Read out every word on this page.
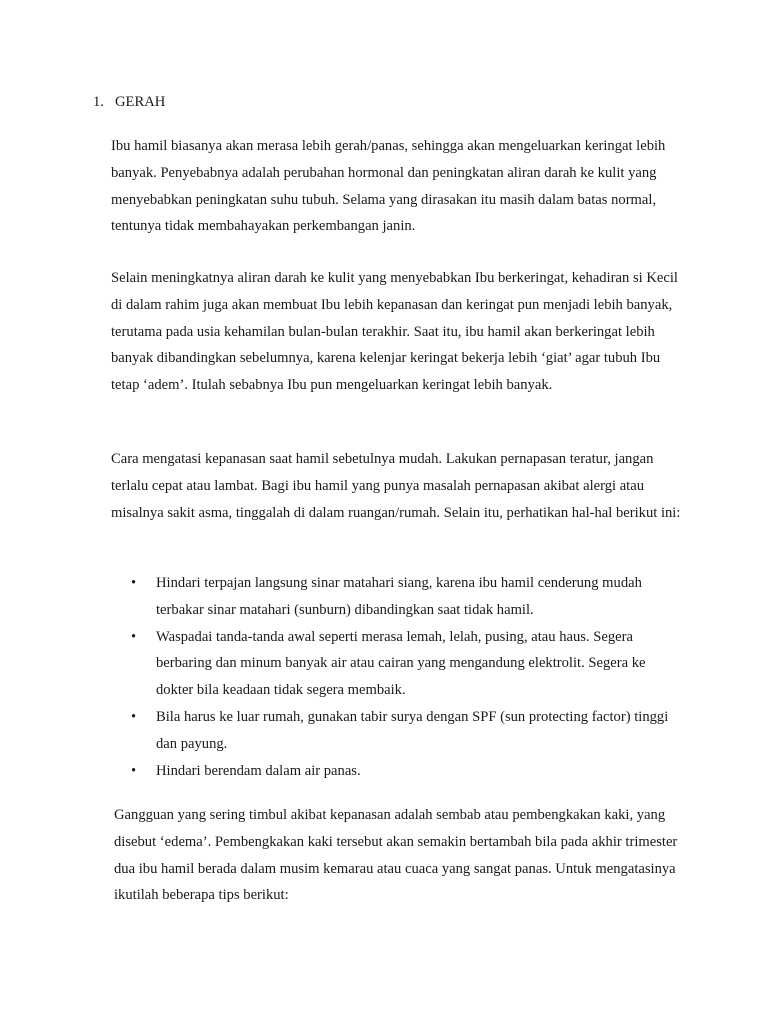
1. GERAH

Ibu hamil biasanya akan merasa lebih gerah/panas, sehingga akan mengeluarkan keringat lebih banyak. Penyebabnya adalah perubahan hormonal dan peningkatan aliran darah ke kulit yang menyebabkan peningkatan suhu tubuh. Selama yang dirasakan itu masih dalam batas normal, tentunya tidak membahayakan perkembangan janin.

Selain meningkatnya aliran darah ke kulit yang menyebabkan Ibu berkeringat, kehadiran si Kecil di dalam rahim juga akan membuat Ibu lebih kepanasan dan keringat pun menjadi lebih banyak, terutama pada usia kehamilan bulan-bulan terakhir. Saat itu, ibu hamil akan berkeringat lebih banyak dibandingkan sebelumnya, karena kelenjar keringat bekerja lebih ‘giat’ agar tubuh Ibu tetap ‘adem’. Itulah sebabnya Ibu pun mengeluarkan keringat lebih banyak.

Cara mengatasi kepanasan saat hamil sebetulnya mudah. Lakukan pernapasan teratur, jangan terlalu cepat atau lambat. Bagi ibu hamil yang punya masalah pernapasan akibat alergi atau misalnya sakit asma, tinggalah di dalam ruangan/rumah. Selain itu, perhatikan hal-hal berikut ini:

• Hindari terpajan langsung sinar matahari siang, karena ibu hamil cenderung mudah terbakar sinar matahari (sunburn) dibandingkan saat tidak hamil.
• Waspadai tanda-tanda awal seperti merasa lemah, lelah, pusing, atau haus. Segera berbaring dan minum banyak air atau cairan yang mengandung elektrolit. Segera ke dokter bila keadaan tidak segera membaik.
• Bila harus ke luar rumah, gunakan tabir surya dengan SPF (sun protecting factor) tinggi dan payung.
• Hindari berendam dalam air panas.

Gangguan yang sering timbul akibat kepanasan adalah sembab atau pembengkakan kaki, yang disebut ‘edema’. Pembengkakan kaki tersebut akan semakin bertambah bila pada akhir trimester dua ibu hamil berada dalam musim kemarau atau cuaca yang sangat panas. Untuk mengatasinya ikutilah beberapa tips berikut:
